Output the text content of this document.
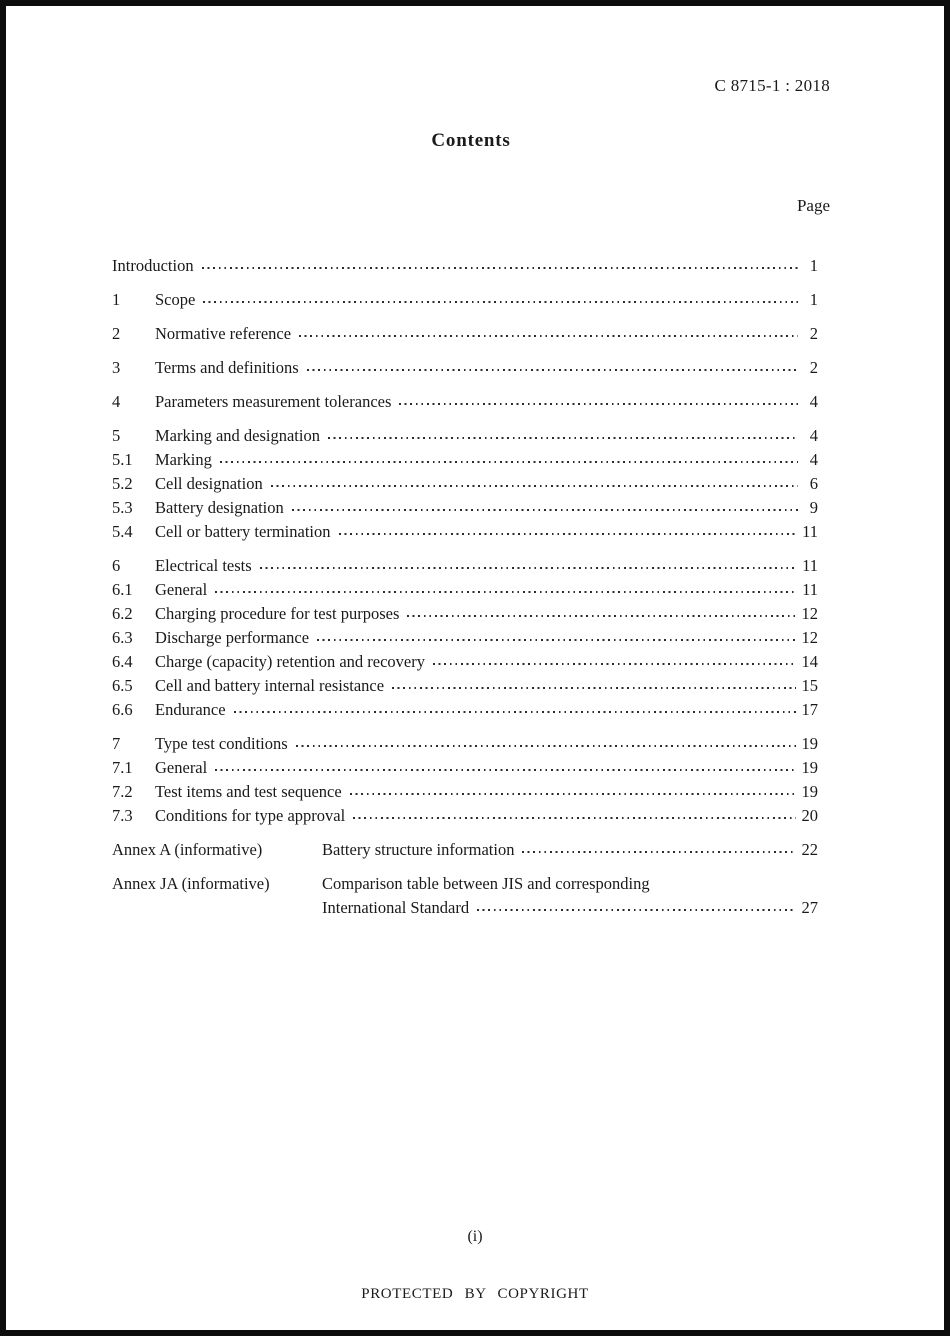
C 8715-1 : 2018
Contents
Page
Introduction	1
1	Scope	1
2	Normative reference	2
3	Terms and definitions	2
4	Parameters measurement tolerances	4
5	Marking and designation	4
5.1	Marking	4
5.2	Cell designation	6
5.3	Battery designation	9
5.4	Cell or battery termination	11
6	Electrical tests	11
6.1	General	11
6.2	Charging procedure for test purposes	12
6.3	Discharge performance	12
6.4	Charge (capacity) retention and recovery	14
6.5	Cell and battery internal resistance	15
6.6	Endurance	17
7	Type test conditions	19
7.1	General	19
7.2	Test items and test sequence	19
7.3	Conditions for type approval	20
Annex A (informative)	Battery structure information	22
Annex JA (informative)	Comparison table between JIS and corresponding
International Standard	27
(i)
PROTECTED BY COPYRIGHT
